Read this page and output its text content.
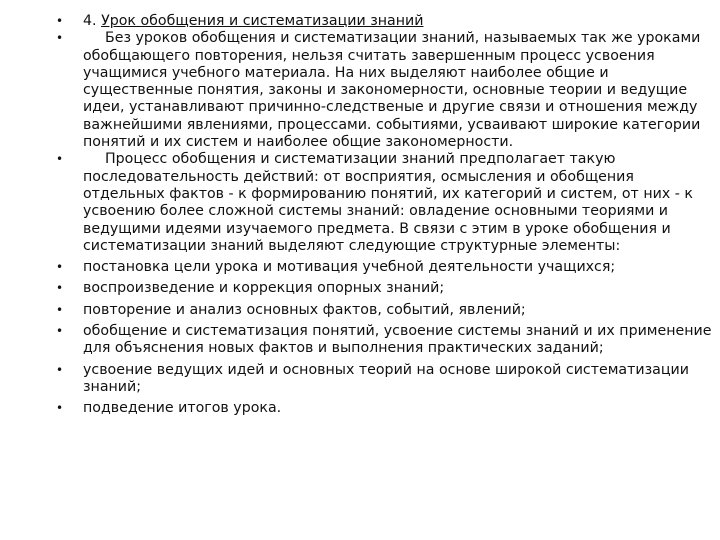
• 4. Урок обобщения и систематизации знаний
•	Без уроков обобщения и систематизации знаний, называемых так же уроками обобщающего повторения, нельзя считать завершенным процесс усвоения учащимися учебного материала. На них выделяют наиболее общие и существенные понятия, законы и закономерности, основные теории и ведущие идеи, устанавливают причинно-следственые и другие связи и отношения между важнейшими явлениями, процессами. событиями, усваивают широкие категории понятий и их систем и наиболее общие закономерности.
•	Процесс обобщения и систематизации знаний предполагает такую последовательность действий: от восприятия, осмысления и обобщения отдельных фактов - к формированию понятий, их категорий и систем, от них - к усвоению более сложной системы знаний: овладение основными теориями и ведущими идеями изучаемого предмета. В связи с этим в уроке обобщения и систематизации знаний выделяют следующие структурные элементы:
• постановка цели урока и мотивация учебной деятельности учащихся;
• воспроизведение и коррекция опорных знаний;
• повторение и анализ основных фактов, событий, явлений;
• обобщение и систематизация понятий, усвоение системы знаний и их применение для объяснения новых фактов и выполнения практических заданий;
• усвоение ведущих идей и основных теорий на основе широкой систематизации знаний;
• подведение итогов урока.
